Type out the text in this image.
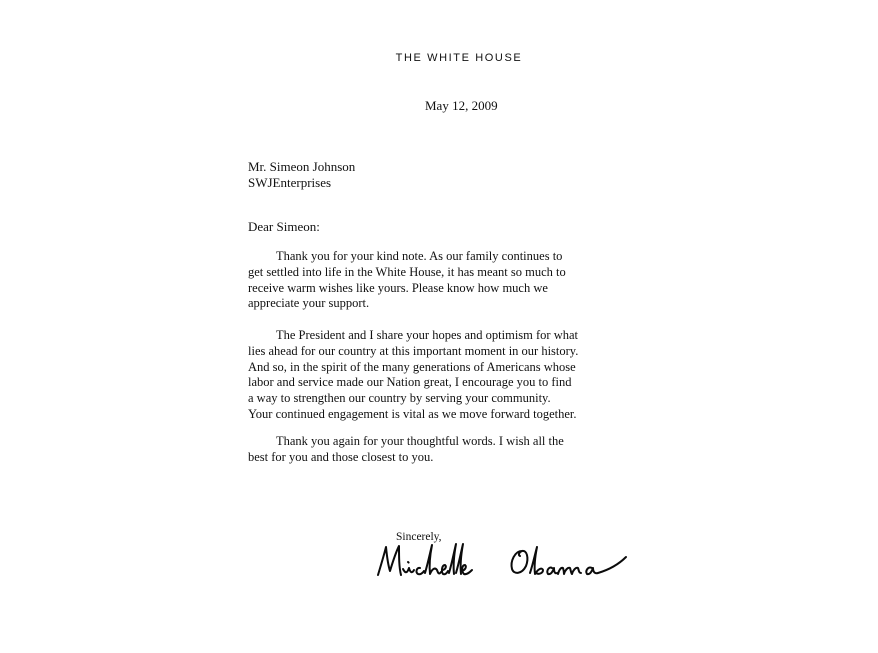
THE WHITE HOUSE
May 12, 2009
Mr. Simeon Johnson
SWJEnterprises
Dear Simeon:
Thank you for your kind note. As our family continues to
get settled into life in the White House, it has meant so much to
receive warm wishes like yours. Please know how much we
appreciate your support.
The President and I share your hopes and optimism for what
lies ahead for our country at this important moment in our history.
And so, in the spirit of the many generations of Americans whose
labor and service made our Nation great, I encourage you to find
a way to strengthen our country by serving your community.
Your continued engagement is vital as we move forward together.
Thank you again for your thoughtful words. I wish all the
best for you and those closest to you.
Sincerely,
